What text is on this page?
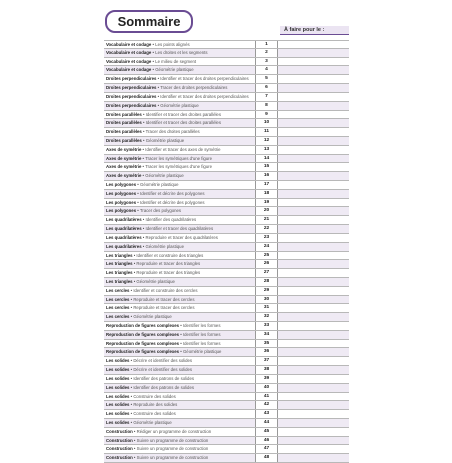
Sommaire
À faire pour le :
Vocabulaire et codage • Les points alignés	1
Vocabulaire et codage • Les droites et les segments	2
Vocabulaire et codage • Le milieu de segment	3
Vocabulaire et codage • Géométrie plastique	4
Droites perpendiculaires • Identifier et tracer des droites perpendiculaires	5
Droites perpendiculaires • Tracer des droites perpendiculaires	6
Droites perpendiculaires • Identifier et tracer des droites perpendiculaires	7
Droites perpendiculaires • Géométrie plastique	8
Droites parallèles • Identifier et tracer des droites parallèles	9
Droites parallèles • Identifier et tracer des droites parallèles	10
Droites parallèles • Tracer des droites parallèles	11
Droites parallèles • Géométrie plastique	12
Axes de symétrie • Identifier et tracer des axes de symétrie	13
Axes de symétrie • Tracer les symétriques d'une figure	14
Axes de symétrie • Tracer les symétriques d'une figure	15
Axes de symétrie • Géométrie plastique	16
Les polygones • Géométrie plastique	17
Les polygones • Identifier et décrire des polygones	18
Les polygones • Identifier et décrire des polygones	19
Les polygones • Tracer des polygones	20
Les quadrilatères • Identifier des quadrilatères	21
Les quadrilatères • Identifier et tracer des quadrilatères	22
Les quadrilatères • Reproduire et tracer des quadrilatères	23
Les quadrilatères • Géométrie plastique	24
Les triangles • Identifier et construire des triangles	25
Les triangles • Reproduire et tracer des triangles	26
Les triangles • Reproduire et tracer des triangles	27
Les triangles • Géométrie plastique	28
Les cercles • Identifier et construire des cercles	29
Les cercles • Reproduire et tracer des cercles	30
Les cercles • Reproduire et tracer des cercles	31
Les cercles • Géométrie plastique	32
Reproduction de figures complexes • Identifier les formes	33
Reproduction de figures complexes • Identifier les formes	34
Reproduction de figures complexes • Identifier les formes	35
Reproduction de figures complexes • Géométrie plastique	36
Les solides • Décrire et identifier des solides	37
Les solides • Décrire et identifier des solides	38
Les solides • Identifier des patrons de solides	39
Les solides • Identifier des patrons de solides	40
Les solides • Construire des solides	41
Les solides • Reproduire des solides	42
Les solides • Construire des solides	43
Les solides • Géométrie plastique	44
Construction • Rédiger un programme de construction	45
Construction • Suivre un programme de construction	46
Construction • Suivre un programme de construction	47
Construction • Suivre un programme de construction	48
